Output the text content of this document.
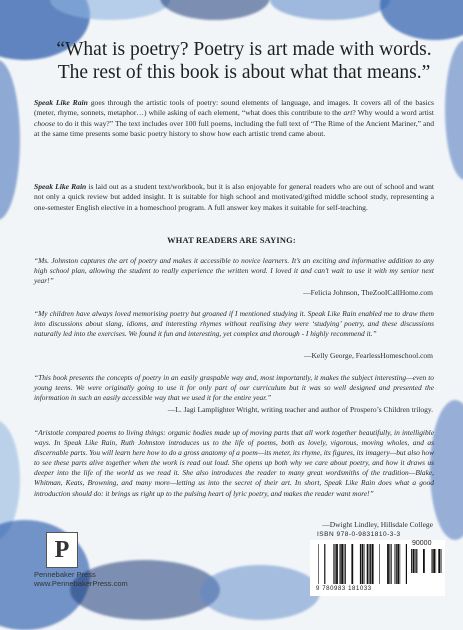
“What is poetry? Poetry is art made with words. The rest of this book is about what that means.”
Speak Like Rain goes through the artistic tools of poetry: sound elements of language, and images. It covers all of the basics (meter, rhyme, sonnets, metaphor…) while asking of each element, “what does this contribute to the art? Why would a word artist choose to do it this way?” The text includes over 100 full poems, including the full text of “The Rime of the Ancient Mariner,” and at the same time presents some basic poetry history to show how each artistic trend came about.
Speak Like Rain is laid out as a student text/workbook, but it is also enjoyable for general readers who are out of school and want not only a quick review but added insight. It is suitable for high school and motivated/gifted middle school study, representing a one-semester English elective in a homeschool program. A full answer key makes it suitable for self-teaching.
WHAT READERS ARE SAYING:
“Ms. Johnston captures the art of poetry and makes it accessible to novice learners. It’s an exciting and informative addition to any high school plan, allowing the student to really experience the written word. I loved it and can’t wait to use it with my senior next year!”
—Felicia Johnson, TheZooICallHome.com
“My children have always loved memorising poetry but groaned if I mentioned studying it. Speak Like Rain enabled me to draw them into discussions about slang, idioms, and interesting rhymes without realising they were ‘studying’ poetry, and these discussions naturally led into the exercises. We found it fun and interesting, yet complex and thorough - I highly recommend it.”
—Kelly George, FearlessHomeschool.com
“This book presents the concepts of poetry in an easily graspable way and, most importantly, it makes the subject interesting—even to young teens. We were originally going to use it for only part of our curriculum but it was so well designed and presented the information in such an easily accessible way that we used it for the entire year.”
—L. Jagi Lamplighter Wright, writing teacher and author of Prospero’s Children trilogy.
“Aristotle compared poems to living things: organic bodies made up of moving parts that all work together beautifully, in intelligible ways. In Speak Like Rain, Ruth Johnston introduces us to the life of poems, both as lovely, vigorous, moving wholes, and as discernable parts. You will learn here how to do a gross anatomy of a poem—its meter, its rhyme, its figures, its imagery—but also how to see these parts alive together when the work is read out loud. She opens up both why we care about poetry, and how it draws us deeper into the life of the world as we read it. She also introduces the reader to many great wordsmiths of the tradition—Blake, Whitman, Keats, Browning, and many more—letting us into the secret of their art. In short, Speak Like Rain does what a good introduction should do: it brings us right up to the pulsing heart of lyric poetry, and makes the reader want more!”
—Dwight Lindley, Hillsdale College
P
Pennebaker Press
www.PennebakerPress.com
ISBN 978-0-9831810-3-3
90000
9 780983 181033
